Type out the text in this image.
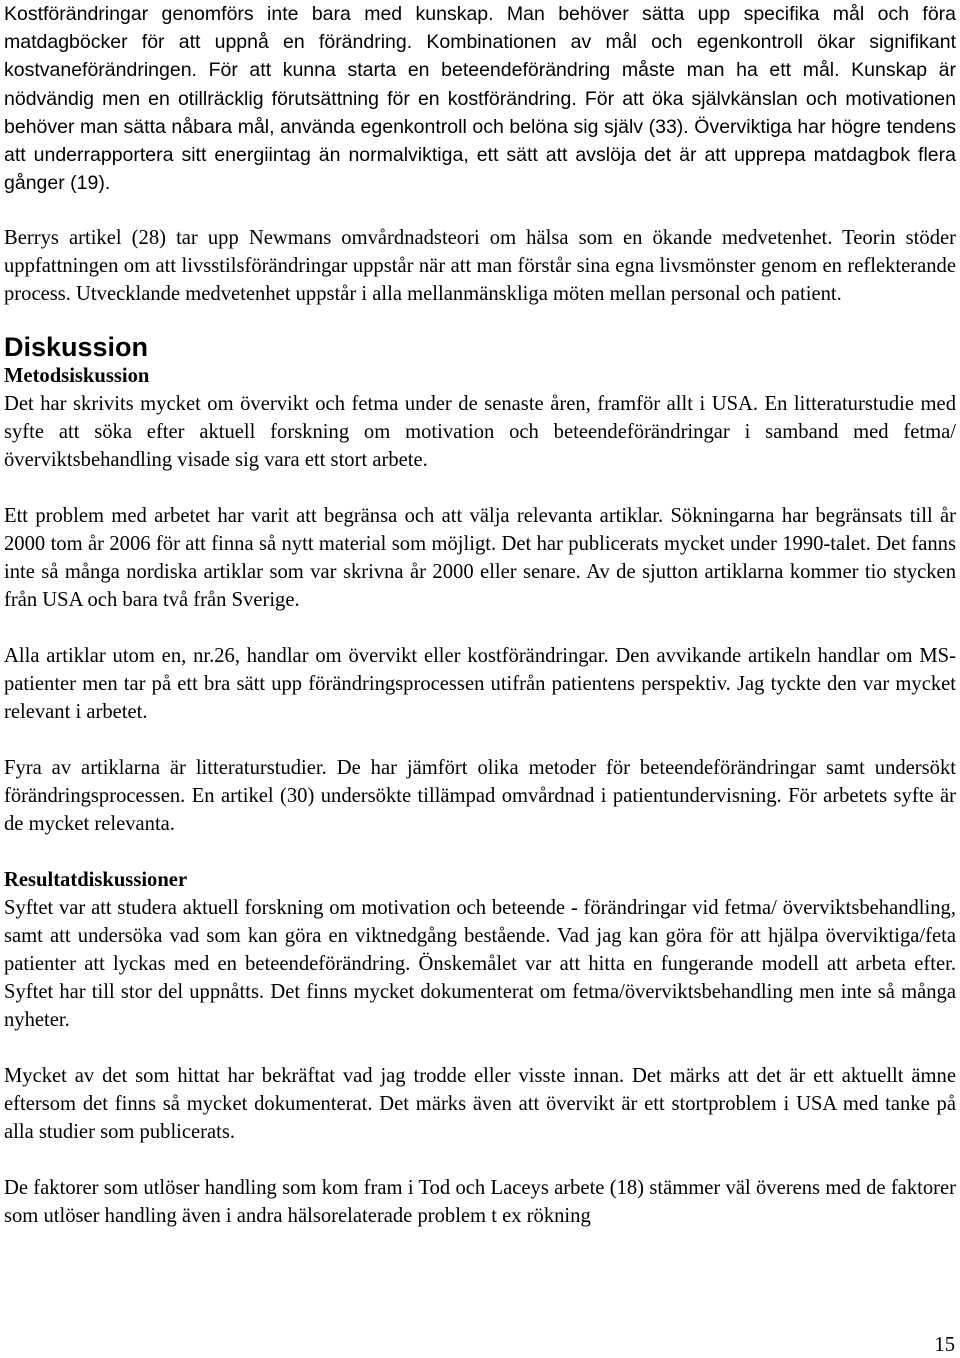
Kostförändringar genomförs inte bara med kunskap. Man behöver sätta upp specifika mål och föra matdagböcker för att uppnå en förändring. Kombinationen av mål och egenkontroll ökar signifikant kostvaneförändringen. För att kunna starta en beteendeförändring måste man ha ett mål. Kunskap är nödvändig men en otillräcklig förutsättning för en kostförändring. För att öka självkänslan och motivationen behöver man sätta nåbara mål, använda egenkontroll och belöna sig själv (33). Överviktiga har högre tendens att underrapportera sitt energiintag än normalviktiga, ett sätt att avslöja det är att upprepa matdagbok flera gånger (19).

Berrys artikel (28) tar upp Newmans omvårdnadsteori om hälsa som en ökande medvetenhet. Teorin stöder uppfattningen om att livsstilsförändringar uppstår när att man förstår sina egna livsmönster genom en reflekterande process. Utvecklande medvetenhet uppstår i alla mellanmänskliga möten mellan personal och patient.

Diskussion
Metodsiskussion

Det har skrivits mycket om övervikt och fetma under de senaste åren, framför allt i USA. En litteraturstudie med syfte att söka efter aktuell forskning om motivation och beteendeförändringar i samband med fetma/överviktsbehandling visade sig vara ett stort arbete.

Ett problem med arbetet har varit att begränsa och att välja relevanta artiklar. Sökningarna har begränsats till år 2000 tom år 2006 för att finna så nytt material som möjligt. Det har publicerats mycket under 1990-talet. Det fanns inte så många nordiska artiklar som var skrivna år 2000 eller senare. Av de sjutton artiklarna kommer tio stycken från USA och bara två från Sverige.

Alla artiklar utom en, nr.26, handlar om övervikt eller kostförändringar. Den avvikande artikeln handlar om MS-patienter men tar på ett bra sätt upp förändringsprocessen utifrån patientens perspektiv. Jag tyckte den var mycket relevant i arbetet.

Fyra av artiklarna är litteraturstudier. De har jämfört olika metoder för beteendeförändringar samt undersökt förändringsprocessen. En artikel (30) undersökte tillämpad omvårdnad i patientundervisning. För arbetets syfte är de mycket relevanta.

Resultatdiskussioner

Syftet var att studera aktuell forskning om motivation och beteende - förändringar vid fetma/ överviktsbehandling, samt att undersöka vad som kan göra en viktnedgång bestående. Vad jag kan göra för att hjälpa överviktiga/feta patienter att lyckas med en beteendeförändring. Önskemålet var att hitta en fungerande modell att arbeta efter. Syftet har till stor del uppnåtts. Det finns mycket dokumenterat om fetma/överviktsbehandling men inte så många nyheter.

Mycket av det som hittat har bekräftat vad jag trodde eller visste innan. Det märks att det är ett aktuellt ämne eftersom det finns så mycket dokumenterat. Det märks även att övervikt är ett stortproblem i USA med tanke på alla studier som publicerats.

De faktorer som utlöser handling som kom fram i Tod och Laceys arbete (18) stämmer väl överens med de faktorer som utlöser handling även i andra hälsorelaterade problem t ex rökning

15
